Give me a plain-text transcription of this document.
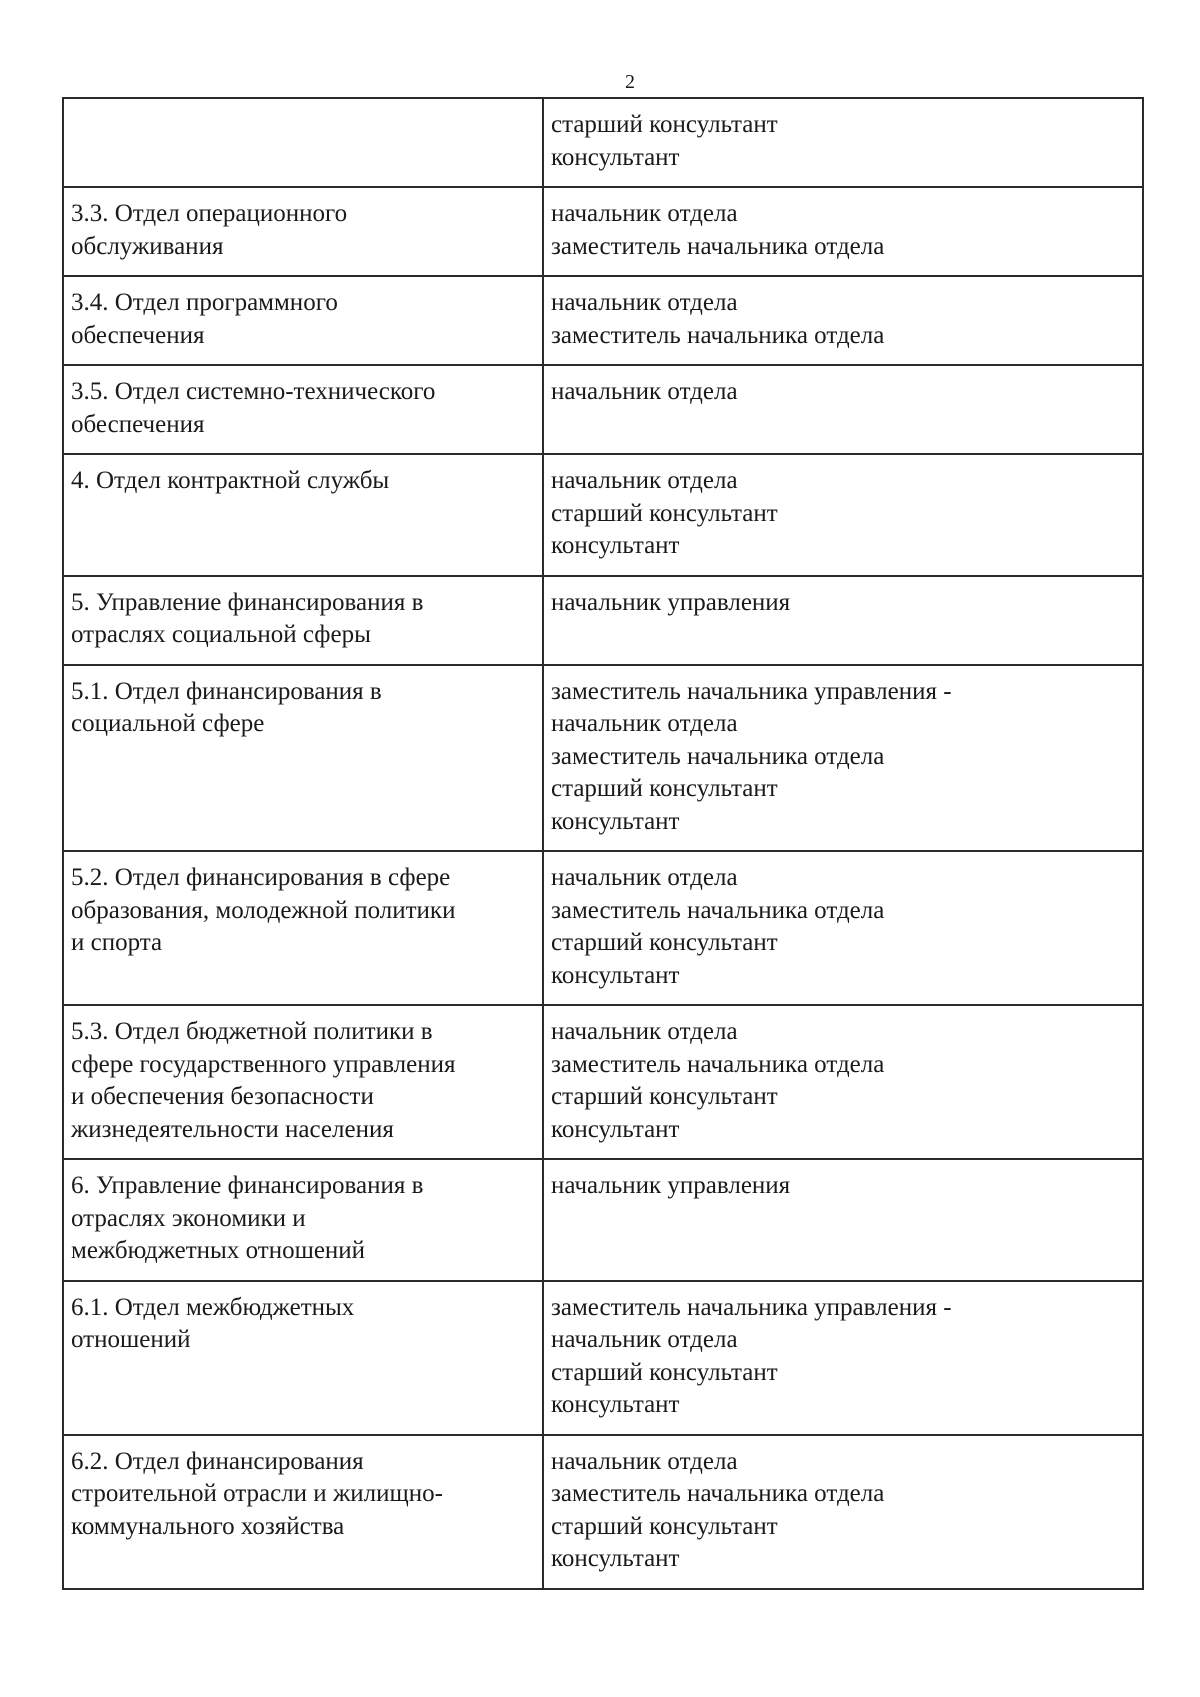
2

	старший консультант
консультант

3.3. Отдел операционного
обслуживания	начальник отдела
заместитель начальника отдела

3.4. Отдел программного
обеспечения	начальник отдела
заместитель начальника отдела

3.5. Отдел системно-технического
обеспечения	начальник отдела

4. Отдел контрактной службы	начальник отдела
старший консультант
консультант

5. Управление финансирования в
отраслях социальной сферы	начальник управления

5.1. Отдел финансирования в
социальной сфере	заместитель начальника управления -
начальник отдела
заместитель начальника отдела
старший консультант
консультант

5.2. Отдел финансирования в сфере
образования, молодежной политики
и спорта	начальник отдела
заместитель начальника отдела
старший консультант
консультант

5.3. Отдел бюджетной политики в
сфере государственного управления
и обеспечения безопасности
жизнедеятельности населения	начальник отдела
заместитель начальника отдела
старший консультант
консультант

6. Управление финансирования в
отраслях экономики и
межбюджетных отношений	начальник управления

6.1. Отдел межбюджетных
отношений	заместитель начальника управления -
начальник отдела
старший консультант
консультант

6.2. Отдел финансирования
строительной отрасли и жилищно-
коммунального хозяйства	начальник отдела
заместитель начальника отдела
старший консультант
консультант
